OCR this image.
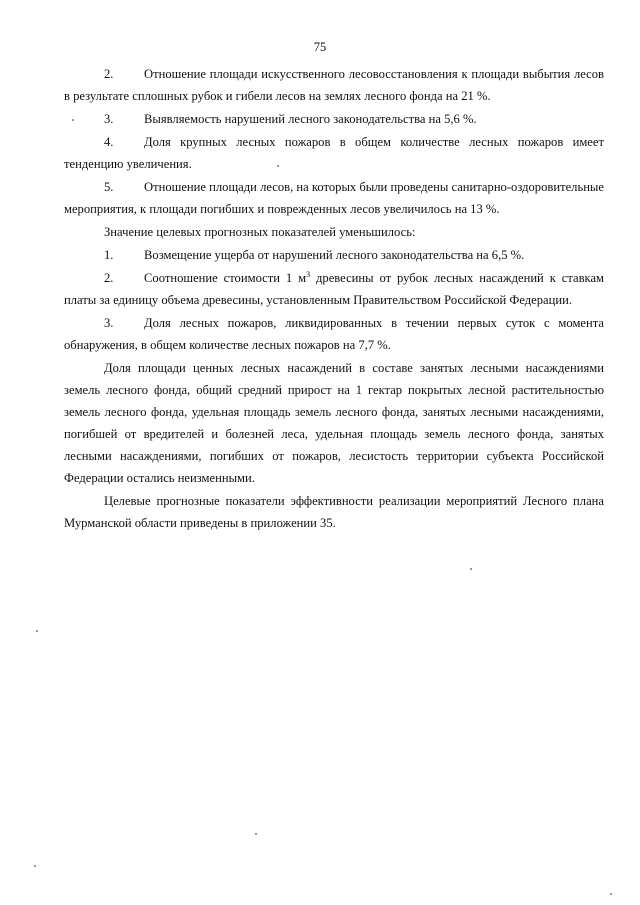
75

2. Отношение площади искусственного лесовосстановления к площади выбытия лесов в результате сплошных рубок и гибели лесов на землях лесного фонда на 21 %.

3. Выявляемость нарушений лесного законодательства на 5,6 %.

4. Доля крупных лесных пожаров в общем количестве лесных пожаров имеет тенденцию увеличения.

5. Отношение площади лесов, на которых были проведены санитарно-оздоровительные мероприятия, к площади погибших и поврежденных лесов увеличилось на 13 %.

Значение целевых прогнозных показателей уменьшилось:

1. Возмещение ущерба от нарушений лесного законодательства на 6,5 %.

2. Соотношение стоимости 1 $м^3$ древесины от рубок лесных насаждений к ставкам платы за единицу объема древесины, установленным Правительством Российской Федерации.

3. Доля лесных пожаров, ликвидированных в течении первых суток с момента обнаружения, в общем количестве лесных пожаров на 7,7 %.

Доля площади ценных лесных насаждений в составе занятых лесными насаждениями земель лесного фонда, общий средний прирост на 1 гектар покрытых лесной растительностью земель лесного фонда, удельная площадь земель лесного фонда, занятых лесными насаждениями, погибшей от вредителей и болезней леса, удельная площадь земель лесного фонда, занятых лесными насаждениями, погибших от пожаров, лесистость территории субъекта Российской Федерации остались неизменными.

Целевые прогнозные показатели эффективности реализации мероприятий Лесного плана Мурманской области приведены в приложении 35.
